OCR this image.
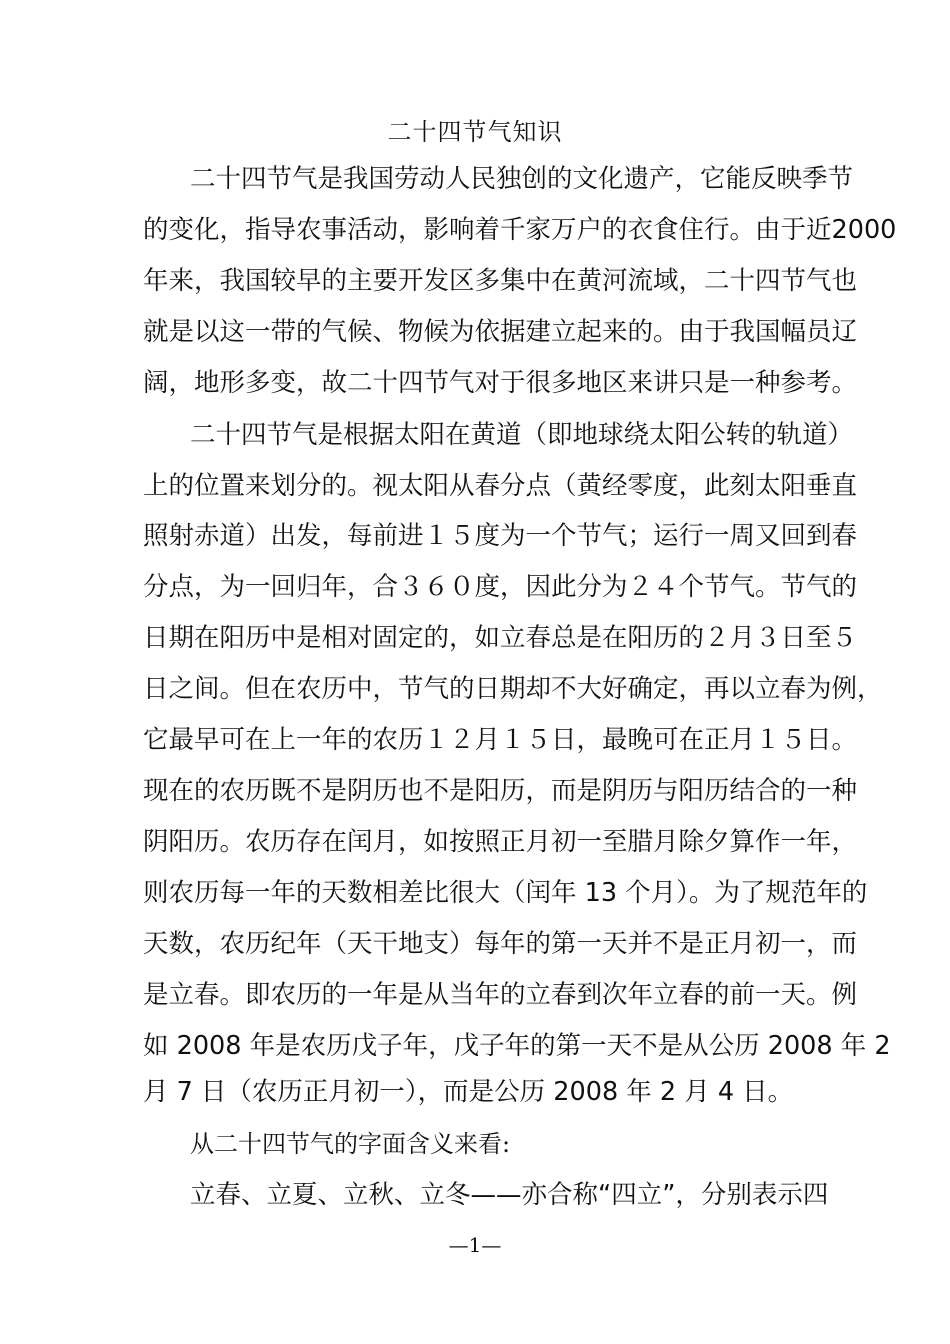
二十四节气知识
二十四节气是我国劳动人民独创的文化遗产，它能反映季节
的变化，指导农事活动，影响着千家万户的衣食住行。由于近2000
年来，我国较早的主要开发区多集中在黄河流域，二十四节气也
就是以这一带的气候、物候为依据建立起来的。由于我国幅员辽
阔，地形多变，故二十四节气对于很多地区来讲只是一种参考。
二十四节气是根据太阳在黄道（即地球绕太阳公转的轨道）
上的位置来划分的。视太阳从春分点（黄经零度，此刻太阳垂直
照射赤道）出发，每前进１５度为一个节气；运行一周又回到春
分点，为一回归年，合３６０度，因此分为２４个节气。节气的
日期在阳历中是相对固定的，如立春总是在阳历的２月３日至５
日之间。但在农历中，节气的日期却不大好确定，再以立春为例，
它最早可在上一年的农历１２月１５日，最晚可在正月１５日。
现在的农历既不是阴历也不是阳历，而是阴历与阳历结合的一种
阴阳历。农历存在闰月，如按照正月初一至腊月除夕算作一年，
则农历每一年的天数相差比很大（闰年 13 个月）。为了规范年的
天数，农历纪年（天干地支）每年的第一天并不是正月初一，而
是立春。即农历的一年是从当年的立春到次年立春的前一天。例
如 2008 年是农历戊子年，戊子年的第一天不是从公历 2008 年 2
月 7 日（农历正月初一），而是公历 2008 年 2 月 4 日。
从二十四节气的字面含义来看:
立春、立夏、立秋、立冬——亦合称“四立”，分别表示四
—1—
